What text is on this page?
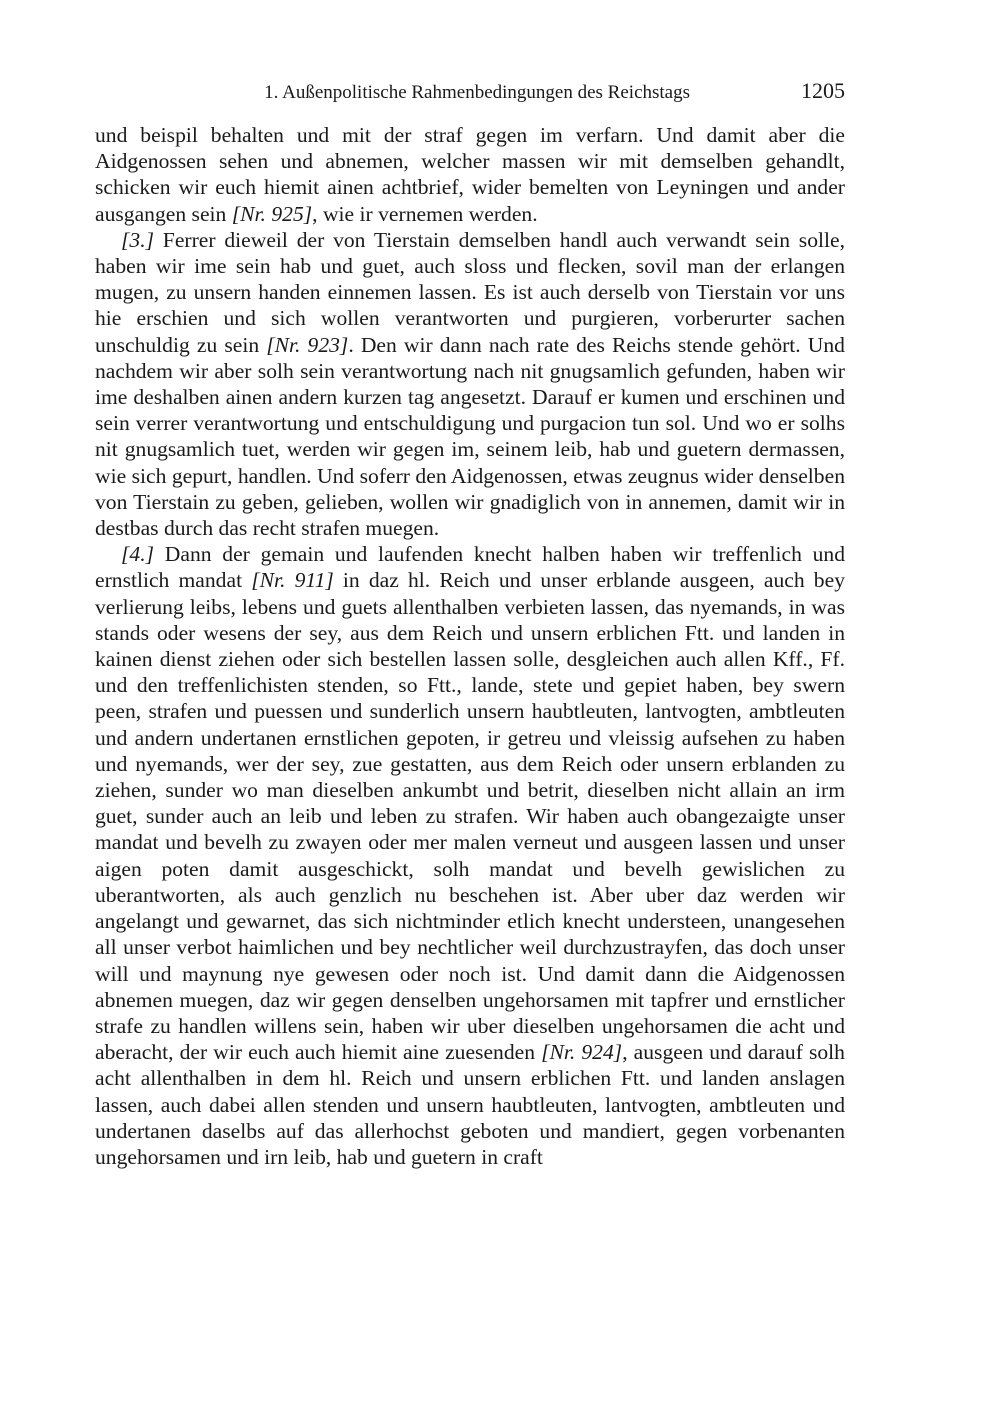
1. Außenpolitische Rahmenbedingungen des Reichstags	1205

und beispil behalten und mit der straf gegen im verfarn. Und damit aber die Aidgenossen sehen und abnemen, welcher massen wir mit demselben gehandlt, schicken wir euch hiemit ainen achtbrief, wider bemelten von Leyningen und ander ausgangen sein [Nr. 925], wie ir vernemen werden.

[3.] Ferrer dieweil der von Tierstain demselben handl auch verwandt sein solle, haben wir ime sein hab und guet, auch sloss und flecken, sovil man der erlangen mugen, zu unsern handen einnemen lassen. Es ist auch derselb von Tierstain vor uns hie erschien und sich wollen verantworten und purgieren, vorberurter sachen unschuldig zu sein [Nr. 923]. Den wir dann nach rate des Reichs stende gehört. Und nachdem wir aber solh sein verantwortung nach nit gnugsamlich gefunden, haben wir ime deshalben ainen andern kurzen tag angesetzt. Darauf er kumen und erschinen und sein verrer verantwortung und entschuldigung und purgacion tun sol. Und wo er solhs nit gnugsamlich tuet, werden wir gegen im, seinem leib, hab und guetern dermassen, wie sich gepurt, handlen. Und soferr den Aidgenossen, etwas zeugnus wider denselben von Tierstain zu geben, gelieben, wollen wir gnadiglich von in annemen, damit wir in destbas durch das recht strafen muegen.

[4.] Dann der gemain und laufenden knecht halben haben wir treffenlich und ernstlich mandat [Nr. 911] in daz hl. Reich und unser erblande ausgeen, auch bey verlierung leibs, lebens und guets allenthalben verbieten lassen, das nyemands, in was stands oder wesens der sey, aus dem Reich und unsern erblichen Ftt. und landen in kainen dienst ziehen oder sich bestellen lassen solle, desgleichen auch allen Kff., Ff. und den treffenlichisten stenden, so Ftt., lande, stete und gepiet haben, bey swern peen, strafen und puessen und sunderlich unsern haubtleuten, lantvogten, ambtleuten und andern undertanen ernstlichen gepoten, ir getreu und vleissig aufsehen zu haben und nyemands, wer der sey, zue gestatten, aus dem Reich oder unsern erblanden zu ziehen, sunder wo man dieselben ankumbt und betrit, dieselben nicht allain an irm guet, sunder auch an leib und leben zu strafen. Wir haben auch obangezaigte unser mandat und bevelh zu zwayen oder mer malen verneut und ausgeen lassen und unser aigen poten damit ausgeschickt, solh mandat und bevelh gewislichen zu uberantworten, als auch genzlich nu beschehen ist. Aber uber daz werden wir angelangt und gewarnet, das sich nichtminder etlich knecht understeen, unangesehen all unser verbot haimlichen und bey nechtlicher weil durchzustrayfen, das doch unser will und maynung nye gewesen oder noch ist. Und damit dann die Aidgenossen abnemen muegen, daz wir gegen denselben ungehorsamen mit tapfrer und ernstlicher strafe zu handlen willens sein, haben wir uber dieselben ungehorsamen die acht und aberacht, der wir euch auch hiemit aine zuesenden [Nr. 924], ausgeen und darauf solh acht allenthalben in dem hl. Reich und unsern erblichen Ftt. und landen anslagen lassen, auch dabei allen stenden und unsern haubtleuten, lantvogten, ambtleuten und undertanen daselbs auf das allerhochst geboten und mandiert, gegen vorbenanten ungehorsamen und irn leib, hab und guetern in craft
